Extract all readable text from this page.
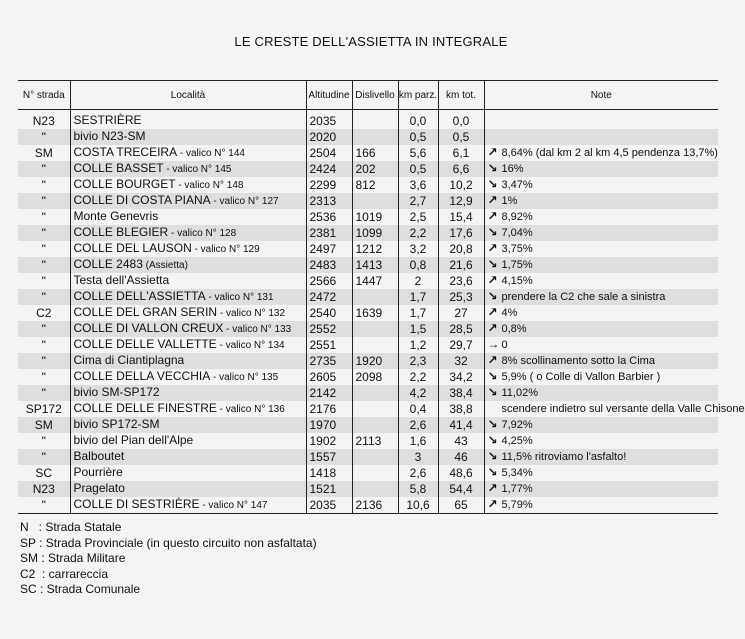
LE CRESTE DELL'ASSIETTA IN INTEGRALE
N° strada	Località	Altitudine	Dislivello	km parz.	km tot.	Note
N23	SESTRIÈRE	2035		0,0	0,0	
"	bivio N23-SM	2020		0,5	0,5	
SM	COSTA TRECEIRA - valico N° 144	2504	166	5,6	6,1	↗ 8,64% (dal km 2 al km 4,5 pendenza 13,7%)
"	COLLE BASSET - valico N° 145	2424	202	0,5	6,6	↘ 16%
"	COLLE BOURGET - valico N° 148	2299	812	3,6	10,2	↘ 3,47%
"	COLLE DI COSTA PIANA - valico N° 127	2313		2,7	12,9	↗ 1%
"	Monte Genevris	2536	1019	2,5	15,4	↗ 8,92%
"	COLLE BLEGIER - valico N° 128	2381	1099	2,2	17,6	↘ 7,04%
"	COLLE DEL LAUSON - valico N° 129	2497	1212	3,2	20,8	↗ 3,75%
"	COLLE 2483 (Assietta)	2483	1413	0,8	21,6	↘ 1,75%
"	Testa dell'Assietta	2566	1447	2	23,6	↗ 4,15%
"	COLLE DELL'ASSIETTA - valico N° 131	2472		1,7	25,3	↘ prendere la C2 che sale a sinistra
C2	COLLE DEL GRAN SERIN - valico N° 132	2540	1639	1,7	27	↗ 4%
"	COLLE DI VALLON CREUX - valico N° 133	2552		1,5	28,5	↗ 0,8%
"	COLLE DELLE VALLETTE - valico N° 134	2551		1,2	29,7	→ 0
"	Cima di Ciantiplagna	2735	1920	2,3	32	↗ 8% scollinamento sotto la Cima
"	COLLE DELLA VECCHIA - valico N° 135	2605	2098	2,2	34,2	↘ 5,9% ( o Colle di Vallon Barbier )
"	bivio SM-SP172	2142		4,2	38,4	↘ 11,02%
SP172	COLLE DELLE FINESTRE - valico N° 136	2176		0,4	38,8	scendere indietro sul versante della Valle Chisone
SM	bivio SP172-SM	1970		2,6	41,4	↘ 7,92%
"	bivio del Pian dell'Alpe	1902	2113	1,6	43	↘ 4,25%
"	Balboutet	1557		3	46	↘ 11,5% ritroviamo l'asfalto!
SC	Pourrière	1418		2,6	48,6	↘ 5,34%
N23	Pragelato	1521		5,8	54,4	↗ 1,77%
"	COLLE DI SESTRIÈRE - valico N° 147	2035	2136	10,6	65	↗ 5,79%
N   : Strada Statale
SP : Strada Provinciale (in questo circuito non asfaltata)
SM : Strada Militare
C2  : carrareccia
SC : Strada Comunale
